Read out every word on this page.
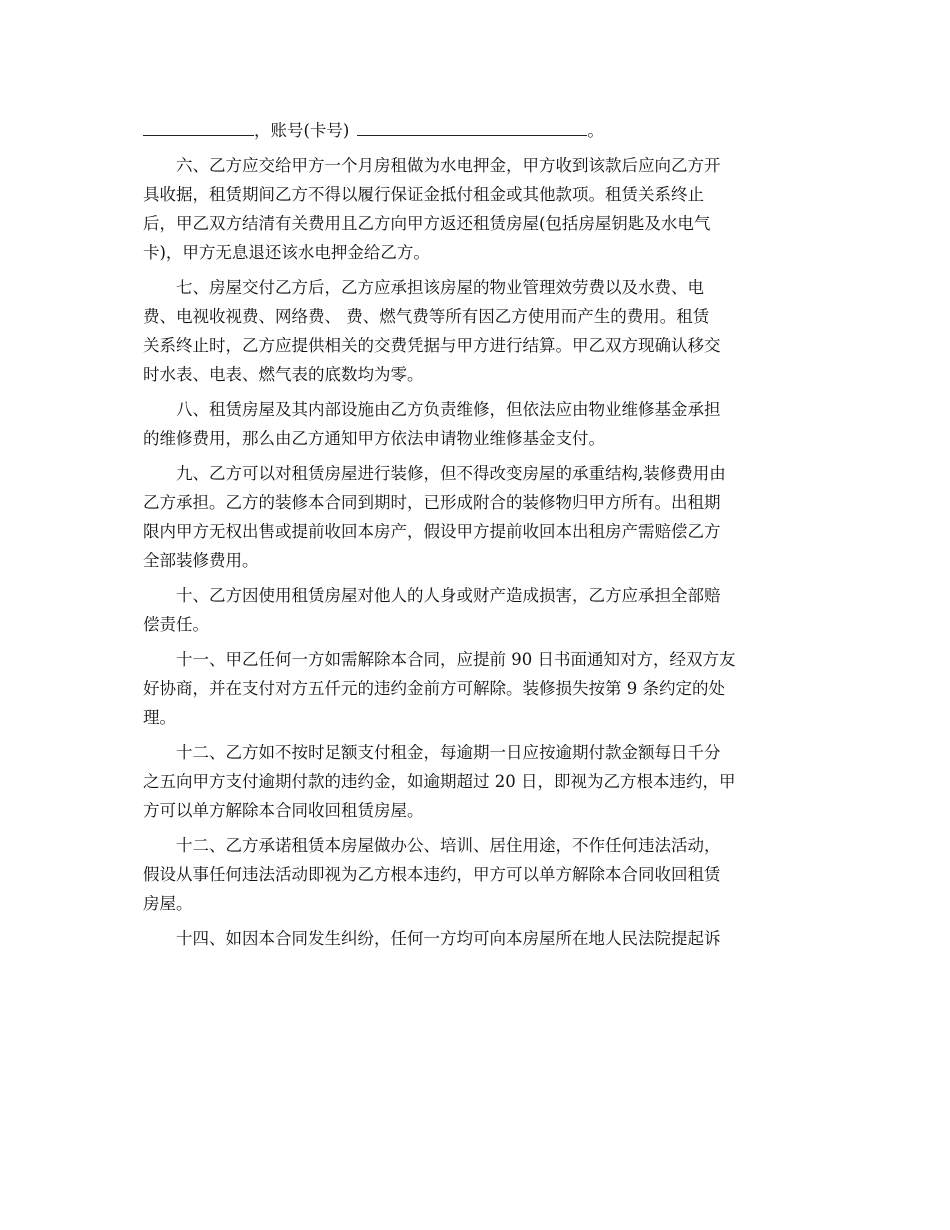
，账号(卡号)	。
六、乙方应交给甲方一个月房租做为水电押金，甲方收到该款后应向乙方开
具收据，租赁期间乙方不得以履行保证金抵付租金或其他款项。租赁关系终止
后，甲乙双方结清有关费用且乙方向甲方返还租赁房屋(包括房屋钥匙及水电气
卡)，甲方无息退还该水电押金给乙方。
七、房屋交付乙方后，乙方应承担该房屋的物业管理效劳费以及水费、电
费、电视收视费、网络费、 费、燃气费等所有因乙方使用而产生的费用。租赁
关系终止时，乙方应提供相关的交费凭据与甲方进行结算。甲乙双方现确认移交
时水表、电表、燃气表的底数均为零。
八、租赁房屋及其内部设施由乙方负责维修，但依法应由物业维修基金承担
的维修费用，那么由乙方通知甲方依法申请物业维修基金支付。
九、乙方可以对租赁房屋进行装修，但不得改变房屋的承重结构,装修费用由
乙方承担。乙方的装修本合同到期时，已形成附合的装修物归甲方所有。出租期
限内甲方无权出售或提前收回本房产，假设甲方提前收回本出租房产需赔偿乙方
全部装修费用。
十、乙方因使用租赁房屋对他人的人身或财产造成损害，乙方应承担全部赔
偿责任。
十一、甲乙任何一方如需解除本合同，应提前 90 日书面通知对方，经双方友
好协商，并在支付对方五仟元的违约金前方可解除。装修损失按第 9 条约定的处
理。
十二、乙方如不按时足额支付租金，每逾期一日应按逾期付款金额每日千分
之五向甲方支付逾期付款的违约金，如逾期超过 20 日，即视为乙方根本违约，甲
方可以单方解除本合同收回租赁房屋。
十二、乙方承诺租赁本房屋做办公、培训、居住用途，不作任何违法活动，
假设从事任何违法活动即视为乙方根本违约，甲方可以单方解除本合同收回租赁
房屋。
十四、如因本合同发生纠纷，任何一方均可向本房屋所在地人民法院提起诉
